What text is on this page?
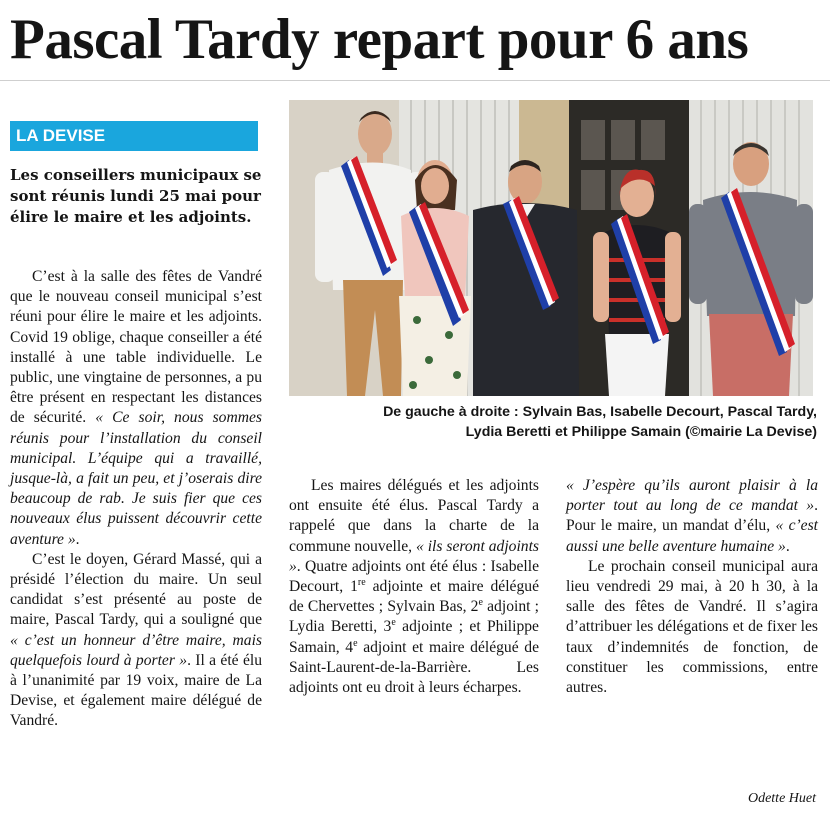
Pascal Tardy repart pour 6 ans
LA DEVISE
Les conseillers municipaux se sont réunis lundi 25 mai pour élire le maire et les adjoints.

C’est à la salle des fêtes de Vandré que le nouveau conseil municipal s’est réuni pour élire le maire et les adjoints. Covid 19 oblige, chaque conseiller a été installé à une table individuelle. Le public, une vingtaine de personnes, a pu être présent en respectant les distances de sécurité. « Ce soir, nous sommes réunis pour l’installation du conseil municipal. L’équipe qui a travaillé, jusque-là, a fait un peu, et j’oserais dire beaucoup de rab. Je suis fier que ces nouveaux élus puissent découvrir cette aventure ».

C’est le doyen, Gérard Massé, qui a présidé l’élection du maire. Un seul candidat s’est présenté au poste de maire, Pascal Tardy, qui a souligné que « c’est un honneur d’être maire, mais quelquefois lourd à porter ». Il a été élu à l’unanimité par 19 voix, maire de La Devise, et également maire délégué de Vandré.

Les maires délégués et les adjoints ont ensuite été élus. Pascal Tardy a rappelé que dans la charte de la commune nouvelle, « ils seront adjoints ». Quatre adjoints ont été élus : Isabelle Decourt, 1re adjointe et maire délégué de Chervettes ; Sylvain Bas, 2e adjoint ; Lydia Beretti, 3e adjointe ; et Philippe Samain, 4e adjoint et maire délégué de Saint-Laurent-de-la-Barrière. Les adjoints ont eu droit à leurs écharpes.

« J’espère qu’ils auront plaisir à la porter tout au long de ce mandat ». Pour le maire, un mandat d’élu, « c’est aussi une belle aventure humaine ».

Le prochain conseil municipal aura lieu vendredi 29 mai, à 20 h 30, à la salle des fêtes de Vandré. Il s’agira d’attribuer les délégations et de fixer les taux d’indemnités de fonction, de constituer les commissions, entre autres.

De gauche à droite : Sylvain Bas, Isabelle Decourt, Pascal Tardy,
Lydia Beretti et Philippe Samain (©mairie La Devise)
Odette Huet
